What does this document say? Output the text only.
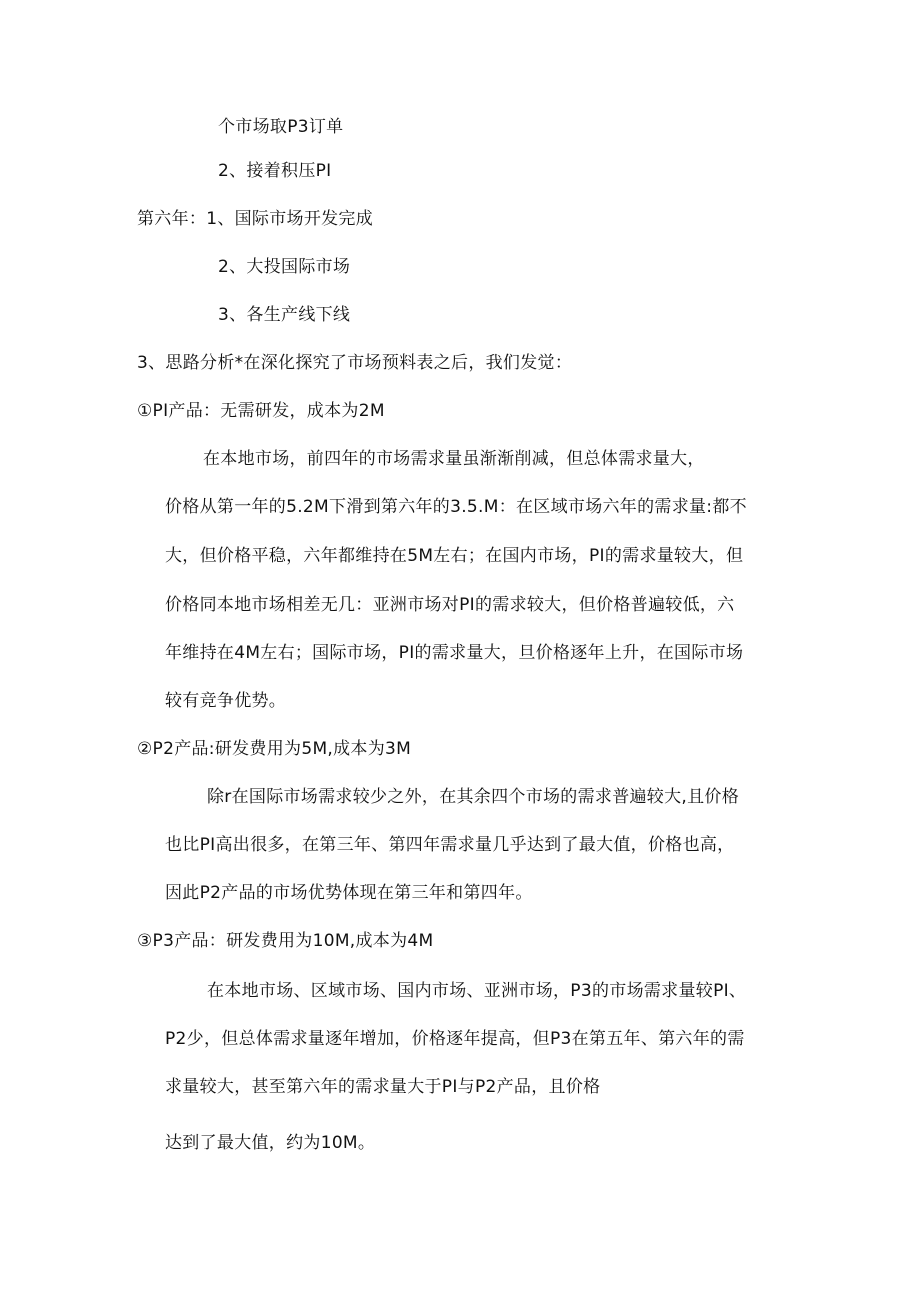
个市场取P3订单
2、接着积压PI
第六年：1、国际市场开发完成
2、大投国际市场
3、各生产线下线
3、思路分析*在深化探究了市场预料表之后，我们发觉：
①PI产品：无需研发，成本为2M
在本地市场，前四年的市场需求量虽渐渐削减，但总体需求量大，
价格从第一年的5.2M下滑到第六年的3.5.M：在区域市场六年的需求量:都不
大，但价格平稳，六年都维持在5M左右；在国内市场，PI的需求量较大，但
价格同本地市场相差无几：亚洲市场对PI的需求较大，但价格普遍较低，六
年维持在4M左右；国际市场，PI的需求量大，旦价格逐年上升，在国际市场
较有竞争优势。
②P2产品:研发费用为5M,成本为3M
除r在国际市场需求较少之外，在其余四个市场的需求普遍较大,且价格
也比PI高出很多，在第三年、第四年需求量几乎达到了最大值，价格也高，
因此P2产品的市场优势体现在第三年和第四年。
③P3产品：研发费用为10M,成本为4M
在本地市场、区域市场、国内市场、亚洲市场，P3的市场需求量较PI、
P2少，但总体需求量逐年增加，价格逐年提高，但P3在第五年、第六年的需
求量较大，甚至第六年的需求量大于PI与P2产品，且价格
达到了最大值，约为10M。
